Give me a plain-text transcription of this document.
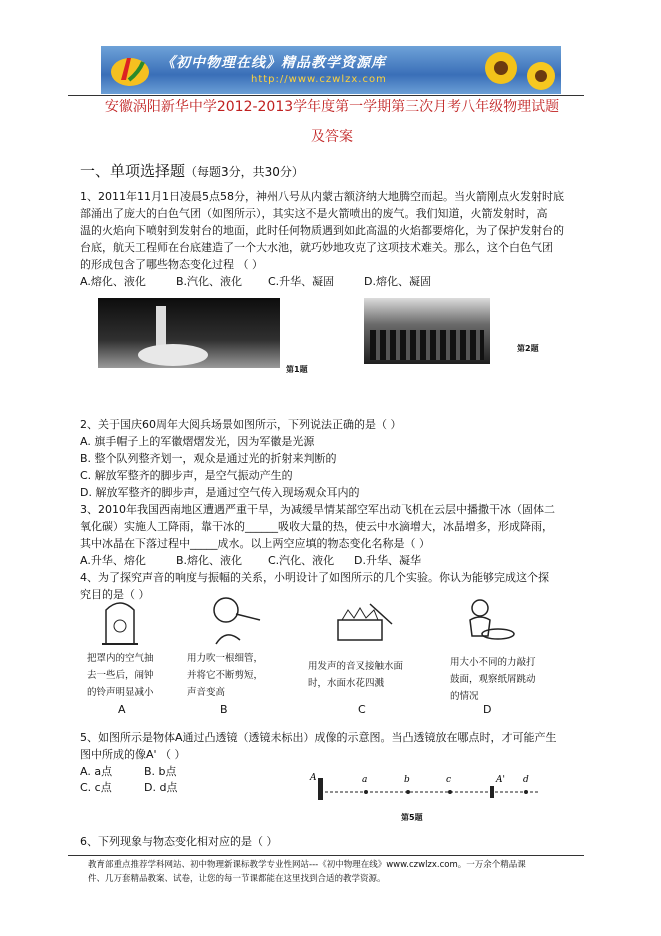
《初中物理在线》精品教学资源库
http://www.czwlzx.com
安徽涡阳新华中学2012-2013学年度第一学期第三次月考八年级物理试题
及答案
一、单项选择题（每题3分，共30分）
1、2011年11月1日凌晨5点58分，神州八号从内蒙古额济纳大地腾空而起。当火箭刚点火发射时底
部涌出了庞大的白色气团（如图所示），其实这不是火箭喷出的废气。我们知道，火箭发射时，高
温的火焰向下喷射到发射台的地面，此时任何物质遇到如此高温的火焰都要熔化，为了保护发射台的
台底，航天工程师在台底建造了一个大水池，就巧妙地攻克了这项技术难关。那么，这个白色气团
的形成包含了哪些物态变化过程 （ ）
A.熔化、液化	B.汽化、液化 C.升华、凝固	D.熔化、凝固
第1题
第2题
2、关于国庆60周年大阅兵场景如图所示，下列说法正确的是（ ）
A. 旗手帽子上的军徽熠熠发光，因为军徽是光源
B. 整个队列整齐划一，观众是通过光的折射来判断的
C. 解放军整齐的脚步声，是空气振动产生的
D. 解放军整齐的脚步声，是通过空气传入现场观众耳内的
3、2010年我国西南地区遭遇严重干旱，为减缓旱情某部空军出动飞机在云层中播撒干冰（固体二
氧化碳）实施人工降雨，靠干冰的______吸收大量的热，使云中水滴增大，冰晶增多，形成降雨，
其中冰晶在下落过程中_____成水。以上两空应填的物态变化名称是（ ）
A.升华、熔化	B.熔化、液化 C.汽化、液化 D.升华、凝华
4、为了探究声音的响度与振幅的关系，小明设计了如图所示的几个实验。你认为能够完成这个探
究目的是（ ）
把罩内的空气抽
去一些后，闹钟
的铃声明显减小
用力吹一根细管，
并将它不断剪短，
声音变高
用发声的音叉接触水面
时，水面水花四溅
用大小不同的力敲打
鼓面，观察纸屑跳动
的情况
A	B	C	D
5、如图所示是物体A通过凸透镜（透镜未标出）成像的示意图。当凸透镜放在哪点时，才可能产生
图中所成的像A' （ ）
A. a点	B. b点
C. c点	D. d点
A	a	b	c	A' d
第5题
6、下列现象与物态变化相对应的是（ ）
教育部重点推荐学科网站、初中物理新课标教学专业性网站---《初中物理在线》www.czwlzx.com。一万余个精品课
件、几万套精品教案、试卷，让您的每一节课都能在这里找到合适的教学资源。
